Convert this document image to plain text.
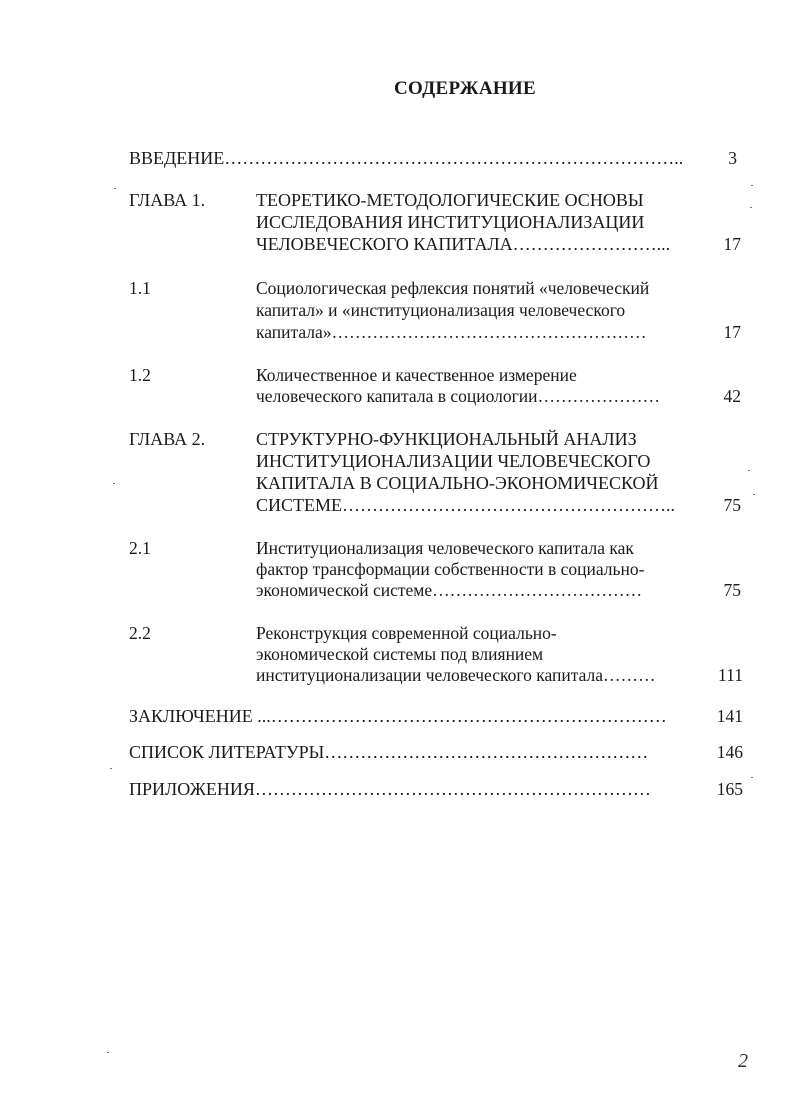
СОДЕРЖАНИЕ
ВВЕДЕНИЕ…………………………………………………………………..	3
ГЛАВА 1.	ТЕОРЕТИКО-МЕТОДОЛОГИЧЕСКИЕ ОСНОВЫ
ИССЛЕДОВАНИЯ ИНСТИТУЦИОНАЛИЗАЦИИ
ЧЕЛОВЕЧЕСКОГО КАПИТАЛА……………………...	17
1.1	Социологическая рефлексия понятий «человеческий
капитал» и «институционализация человеческого
капитала»………………………………………………	17
1.2	Количественное и качественное измерение
человеческого капитала в социологии…………………	42
ГЛАВА 2.	СТРУКТУРНО-ФУНКЦИОНАЛЬНЫЙ АНАЛИЗ
ИНСТИТУЦИОНАЛИЗАЦИИ ЧЕЛОВЕЧЕСКОГО
КАПИТАЛА В СОЦИАЛЬНО-ЭКОНОМИЧЕСКОЙ
СИСТЕМЕ………………………………………………..	75
2.1	Институционализация человеческого капитала как
фактор трансформации собственности в социально-
экономической системе………………………………	75
2.2	Реконструкция современной социально-
экономической системы под влиянием
институционализации человеческого капитала………	111
ЗАКЛЮЧЕНИЕ ...…………………………………………………………	141
СПИСОК ЛИТЕРАТУРЫ………………………………………………	146
ПРИЛОЖЕНИЯ…………………………………………………………	165
2
